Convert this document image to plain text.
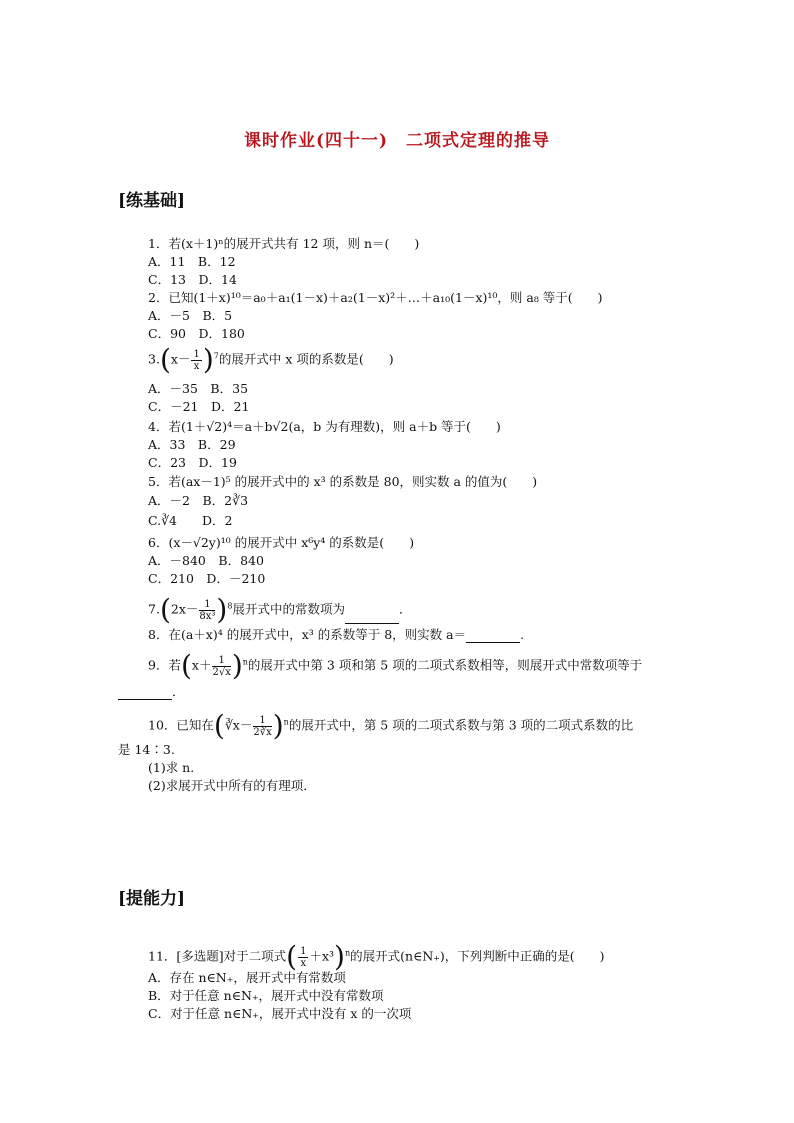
课时作业(四十一)　二项式定理的推导
[练基础]
1．若(x＋1)ⁿ的展开式共有 12 项，则 n＝(　　)
A．11　B．12
C．13　D．14
2．已知(1＋x)¹⁰＝a₀＋a₁(1－x)＋a₂(1－x)²＋…＋a₁₀(1－x)¹⁰，则 a₈ 等于(　　)
A．－5　B．5
C．90　D．180
$3.(x- \frac{1}{x} )^7$的展开式中 x 项的系数是(　　)
A．－35　B．35
C．－21　D．21
4．若(1＋√2)⁴＝a＋b√2(a，b 为有理数)，则 a＋b 等于(　　)
A．33　B．29
C．23　D．19
5．若(ax－1)⁵ 的展开式中的 x³ 的系数是 80，则实数 a 的值为(　　)
A．－2　B．2∛3
C.∛4　　D．2
6．(x－√2y)¹⁰ 的展开式中 x⁶y⁴ 的系数是(　　)
A．－840　B．840
C．210　D．－210
$7.(2x- \frac{1}{\text{8x³}} )^8$展开式中的常数项为	．
8．在(a＋x)⁴ 的展开式中，x³ 的系数等于 8，则实数 a＝	.
9．若$(x+ \frac{1}{2√x} )^n$的展开式中第 3 项和第 5 项的二项式系数相等，则展开式中常数项等于
．
10．已知在(∛x－ $\frac{1}{2∛x} )^n$的展开式中，第 5 项的二项式系数与第 3 项的二项式系数的比
是 14∶3.
(1)求 n.
(2)求展开式中所有的有理项．
[提能力]
11．[多选题]对于二项式( $\frac{1}{x} +x^3)^n$的展开式(n∈N₊)，下列判断中正确的是(　　)
A．存在 n∈N₊，展开式中有常数项
B．对于任意 n∈N₊，展开式中没有常数项
C．对于任意 n∈N₊，展开式中没有 x 的一次项
